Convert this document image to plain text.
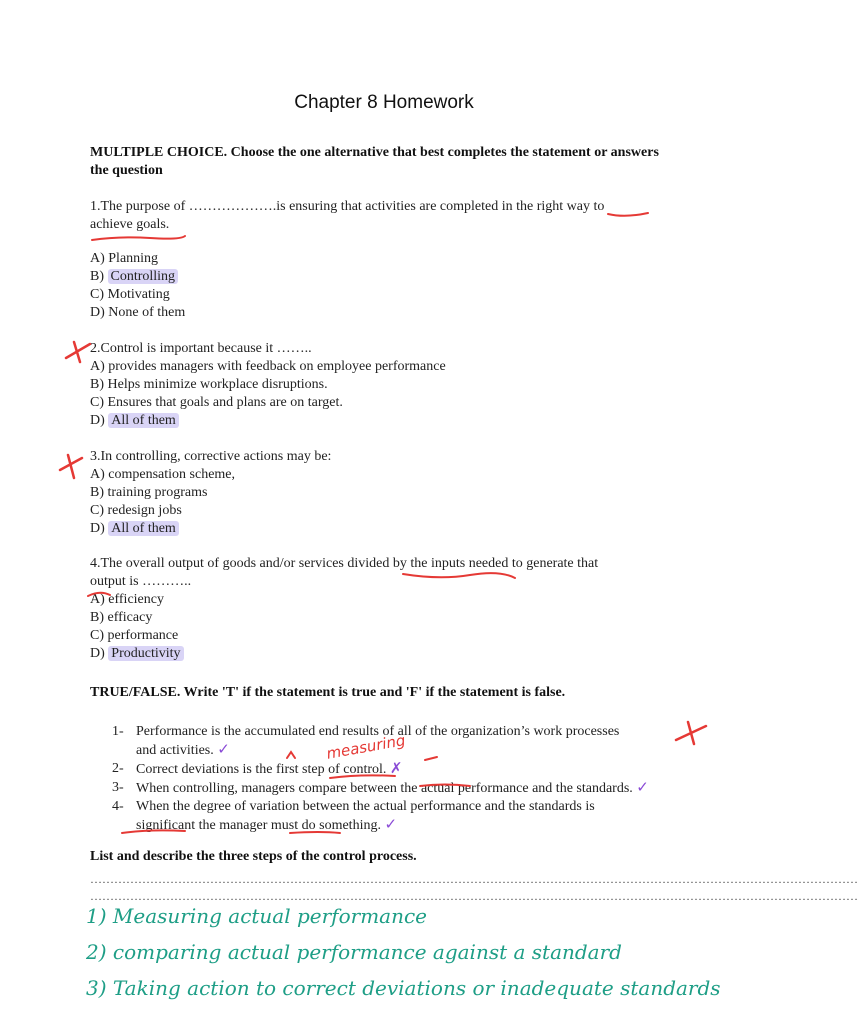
Chapter 8 Homework
MULTIPLE CHOICE. Choose the one alternative that best completes the statement or answers the question
1.The purpose of ……………….is ensuring that activities are completed in the right way to
achieve goals.
A) Planning
B) Controlling
C) Motivating
D) None of them
2.Control is important because it ……..
A) provides managers with feedback on employee performance
B) Helps minimize workplace disruptions.
C) Ensures that goals and plans are on target.
D) All of them
3.In controlling, corrective actions may be:
A) compensation scheme,
B) training programs
C) redesign jobs
D) All of them
4.The overall output of goods and/or services divided by the inputs needed to generate that
output is ………..
A) efficiency
B) efficacy
C) performance
D) Productivity
TRUE/FALSE. Write 'T' if the statement is true and 'F' if the statement is false.
1- Performance is the accumulated end results of all of the organization’s work processes
and activities. ✓
2- Correct deviations is the first step of control. ✗
3- When controlling, managers compare between the actual performance and the standards. ✓
4- When the degree of variation between the actual performance and the standards is
significant the manager must do something. ✓
measuring
List and describe the three steps of the control process.
…………………………………………………………………………………………………………………………………………………………………………
…………………………………………………………………………………………………………………………………………………………………………
1) Measuring actual performance
2) comparing actual performance against a standard
3) Taking action to correct deviations or inadequate standards
